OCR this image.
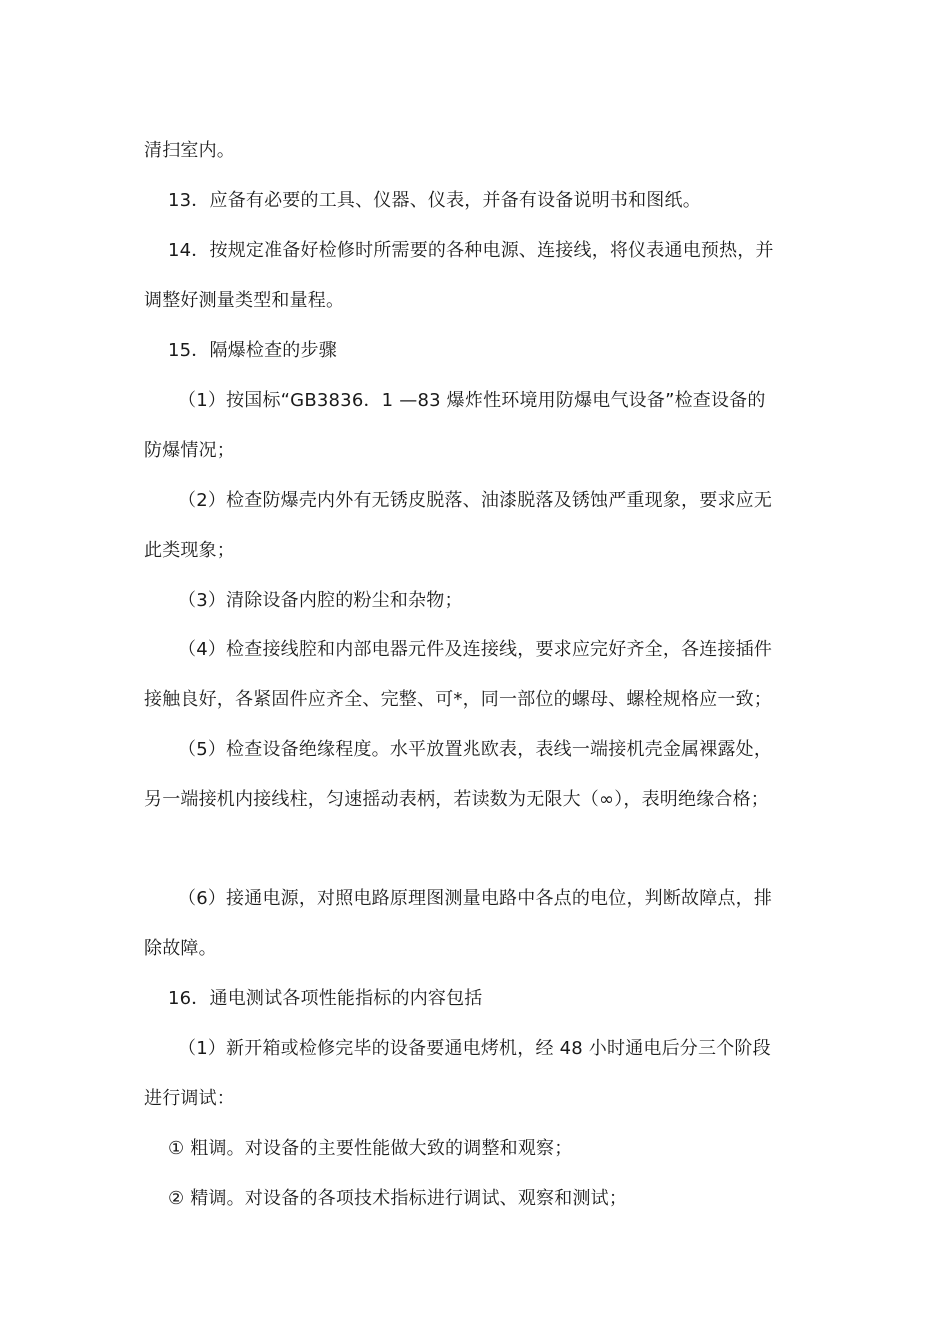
清扫室内。
13．应备有必要的工具、仪器、仪表，并备有设备说明书和图纸。
14．按规定准备好检修时所需要的各种电源、连接线，将仪表通电预热，并
调整好测量类型和量程。
15．隔爆检查的步骤
（1）按国标“GB3836．1 —83 爆炸性环境用防爆电气设备”检查设备的
防爆情况；
（2）检查防爆壳内外有无锈皮脱落、油漆脱落及锈蚀严重现象，要求应无
此类现象；
（3）清除设备内腔的粉尘和杂物；
（4）检查接线腔和内部电器元件及连接线，要求应完好齐全，各连接插件
接触良好，各紧固件应齐全、完整、可*，同一部位的螺母、螺栓规格应一致；
（5）检查设备绝缘程度。水平放置兆欧表，表线一端接机壳金属裸露处，
另一端接机内接线柱，匀速摇动表柄，若读数为无限大（∞），表明绝缘合格；
（6）接通电源，对照电路原理图测量电路中各点的电位，判断故障点，排
除故障。
16．通电测试各项性能指标的内容包括
（1）新开箱或检修完毕的设备要通电烤机，经 48 小时通电后分三个阶段
进行调试：
① 粗调。对设备的主要性能做大致的调整和观察；
② 精调。对设备的各项技术指标进行调试、观察和测试；
